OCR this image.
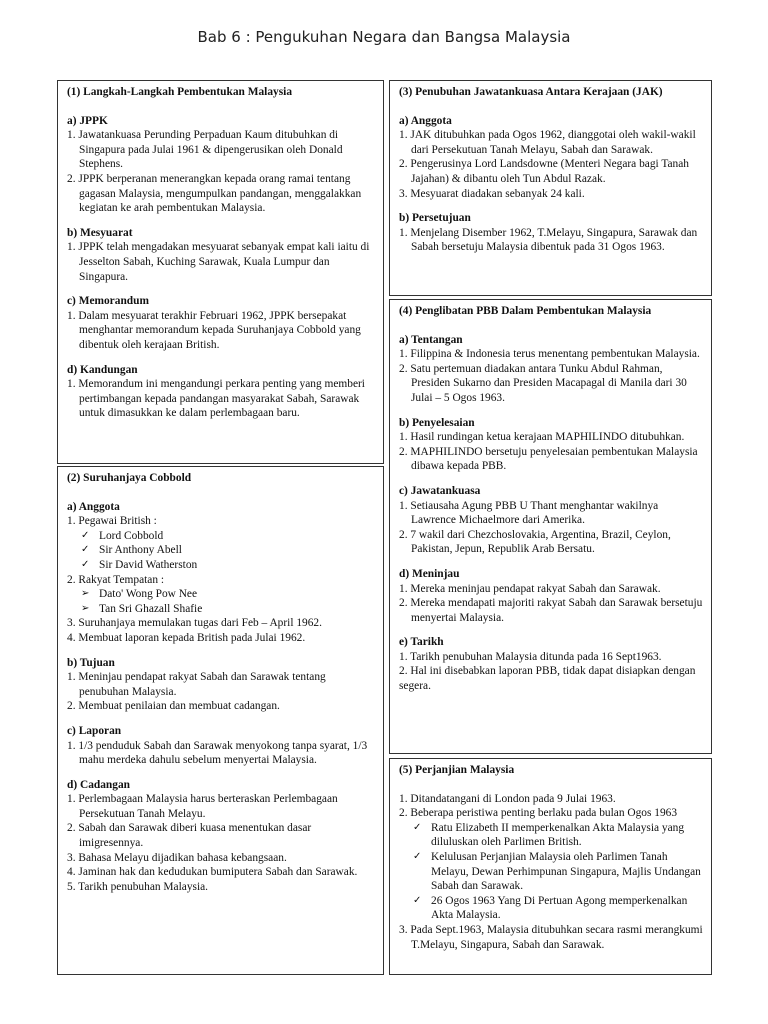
Bab 6 : Pengukuhan Negara dan Bangsa Malaysia
(1) Langkah-Langkah Pembentukan Malaysia
a) JPPK
1. Jawatankuasa Perunding Perpaduan Kaum ditubuhkan di Singapura pada Julai 1961 & dipengerusikan oleh Donald Stephens.
2. JPPK berperanan menerangkan kepada orang ramai tentang gagasan Malaysia, mengumpulkan pandangan, menggalakkan kegiatan ke arah pembentukan Malaysia.
b) Mesyuarat
1. JPPK telah mengadakan mesyuarat sebanyak empat kali iaitu di Jesselton Sabah, Kuching Sarawak, Kuala Lumpur dan Singapura.
c) Memorandum
1. Dalam mesyuarat terakhir Februari 1962, JPPK bersepakat menghantar memorandum kepada Suruhanjaya Cobbold yang dibentuk oleh kerajaan British.
d) Kandungan
1. Memorandum ini mengandungi perkara penting yang memberi pertimbangan kepada pandangan masyarakat Sabah, Sarawak untuk dimasukkan ke dalam perlembagaan baru.
(2) Suruhanjaya Cobbold
a) Anggota
1. Pegawai British :
✓ Lord Cobbold
✓ Sir Anthony Abell
✓ Sir David Watherston
2. Rakyat Tempatan :
➢ Dato' Wong Pow Nee
➢ Tan Sri Ghazall Shafie
3. Suruhanjaya memulakan tugas dari Feb – April 1962.
4. Membuat laporan kepada British pada Julai 1962.
b) Tujuan
1. Meninjau pendapat rakyat Sabah dan Sarawak tentang penubuhan Malaysia.
2. Membuat penilaian dan membuat cadangan.
c) Laporan
1. 1/3 penduduk Sabah dan Sarawak menyokong tanpa syarat, 1/3 mahu merdeka dahulu sebelum menyertai Malaysia.
d) Cadangan
1. Perlembagaan Malaysia harus berteraskan Perlembagaan Persekutuan Tanah Melayu.
2. Sabah dan Sarawak diberi kuasa menentukan dasar imigresennya.
3. Bahasa Melayu dijadikan bahasa kebangsaan.
4. Jaminan hak dan kedudukan bumiputera Sabah dan Sarawak.
5. Tarikh penubuhan Malaysia.
(3) Penubuhan Jawatankuasa Antara Kerajaan (JAK)
a) Anggota
1. JAK ditubuhkan pada Ogos 1962, dianggotai oleh wakil-wakil dari Persekutuan Tanah Melayu, Sabah dan Sarawak.
2. Pengerusinya Lord Landsdowne (Menteri Negara bagi Tanah Jajahan) & dibantu oleh Tun Abdul Razak.
3. Mesyuarat diadakan sebanyak 24 kali.
b) Persetujuan
1. Menjelang Disember 1962, T.Melayu, Singapura, Sarawak dan Sabah bersetuju Malaysia dibentuk pada 31 Ogos 1963.
(4) Penglibatan PBB Dalam Pembentukan Malaysia
a) Tentangan
1. Filippina & Indonesia terus menentang pembentukan Malaysia.
2. Satu pertemuan diadakan antara Tunku Abdul Rahman, Presiden Sukarno dan Presiden Macapagal di Manila dari 30 Julai – 5 Ogos 1963.
b) Penyelesaian
1. Hasil rundingan ketua kerajaan MAPHILINDO ditubuhkan.
2. MAPHILINDO bersetuju penyelesaian pembentukan Malaysia dibawa kepada PBB.
c) Jawatankuasa
1. Setiausaha Agung PBB U Thant menghantar wakilnya Lawrence Michaelmore dari Amerika.
2. 7 wakil dari Chezchoslovakia, Argentina, Brazil, Ceylon, Pakistan, Jepun, Republik Arab Bersatu.
d) Meninjau
1. Mereka meninjau pendapat rakyat Sabah dan Sarawak.
2. Mereka mendapati majoriti rakyat Sabah dan Sarawak bersetuju menyertai Malaysia.
e) Tarikh
1. Tarikh penubuhan Malaysia ditunda pada 16 Sept1963.
2. Hal ini disebabkan laporan PBB, tidak dapat disiapkan dengan segera.
(5) Perjanjian Malaysia
1. Ditandatangani di London pada 9 Julai 1963.
2. Beberapa peristiwa penting berlaku pada bulan Ogos 1963
✓ Ratu Elizabeth II memperkenalkan Akta Malaysia yang diluluskan oleh Parlimen British.
✓ Kelulusan Perjanjian Malaysia oleh Parlimen Tanah Melayu, Dewan Perhimpunan Singapura, Majlis Undangan Sabah dan Sarawak.
✓ 26 Ogos 1963 Yang Di Pertuan Agong memperkenalkan Akta Malaysia.
3. Pada Sept.1963, Malaysia ditubuhkan secara rasmi merangkumi T.Melayu, Singapura, Sabah dan Sarawak.
